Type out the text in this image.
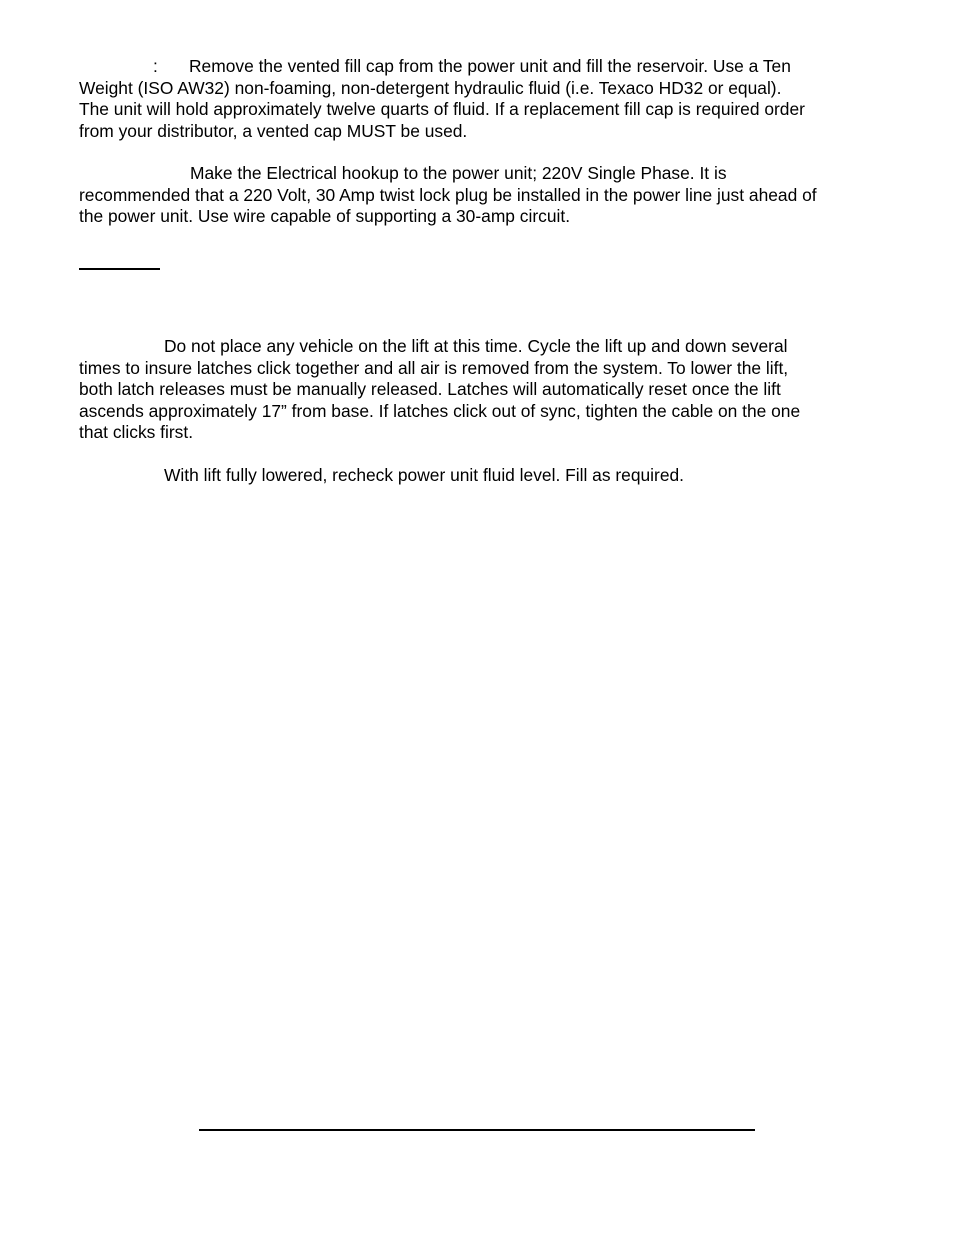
: Remove the vented fill cap from the power unit and fill the reservoir. Use a Ten
Weight (ISO AW32) non-foaming, non-detergent hydraulic fluid (i.e. Texaco HD32 or equal).
The unit will hold approximately twelve quarts of fluid. If a replacement fill cap is required order
from your distributor, a vented cap MUST be used.
Make the Electrical hookup to the power unit; 220V Single Phase. It is
recommended that a 220 Volt, 30 Amp twist lock plug be installed in the power line just ahead of
the power unit. Use wire capable of supporting a 30-amp circuit.
Do not place any vehicle on the lift at this time. Cycle the lift up and down several
times to insure latches click together and all air is removed from the system. To lower the lift,
both latch releases must be manually released. Latches will automatically reset once the lift
ascends approximately 17” from base. If latches click out of sync, tighten the cable on the one
that clicks first.
With lift fully lowered, recheck power unit fluid level. Fill as required.
